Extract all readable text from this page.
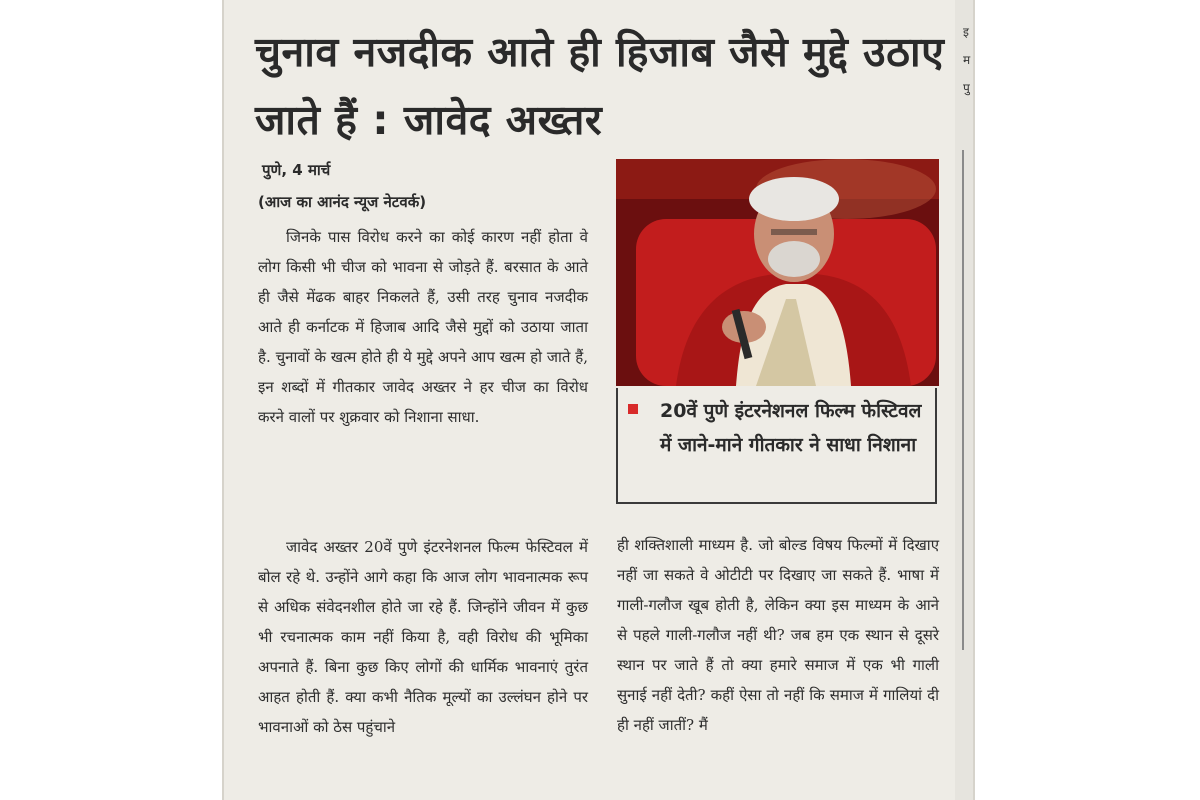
इ म पु
चुनाव नजदीक आते ही हिजाब जैसे मुद्दे उठाए जाते हैं : जावेद अख्तर
पुणे, 4 मार्च
(आज का आनंद न्यूज नेटवर्क)
जिनके पास विरोध करने का कोई कारण नहीं होता वे लोग किसी भी चीज को भावना से जोड़ते हैं. बरसात के आते ही जैसे मेंढक बाहर निकलते हैं, उसी तरह चुनाव नजदीक आते ही कर्नाटक में हिजाब आदि जैसे मुद्दों को उठाया जाता है. चुनावों के खत्म होते ही ये मुद्दे अपने आप खत्म हो जाते हैं, इन शब्दों में गीतकार जावेद अख्तर ने हर चीज का विरोध करने वालों पर शुक्रवार को निशाना साधा.
जावेद अख्तर 20वें पुणे इंटरनेशनल फिल्म फेस्टिवल में बोल रहे थे. उन्होंने आगे कहा कि आज लोग भावनात्मक रूप से अधिक संवेदनशील होते जा रहे हैं. जिन्होंने जीवन में कुछ भी रचनात्मक काम नहीं किया है, वही विरोध की भूमिका अपनाते हैं. बिना कुछ किए लोगों की धार्मिक भावनाएं तुरंत आहत होती हैं. क्या कभी नैतिक मूल्यों का उल्लंघन होने पर भावनाओं को ठेस पहुंचाने

20वें पुणे इंटरनेशनल फिल्म फेस्टिवल में जाने-माने गीतकार ने साधा निशाना

ही शक्तिशाली माध्यम है. जो बोल्ड विषय फिल्मों में दिखाए नहीं जा सकते वे ओटीटी पर दिखाए जा सकते हैं. भाषा में गाली-गलौज खूब होती है, लेकिन क्या इस माध्यम के आने से पहले गाली-गलौज नहीं थी? जब हम एक स्थान से दूसरे स्थान पर जाते हैं तो क्या हमारे समाज में एक भी गाली सुनाई नहीं देती? कहीं ऐसा तो नहीं कि समाज में गालियां दी ही नहीं जातीं? मैं
